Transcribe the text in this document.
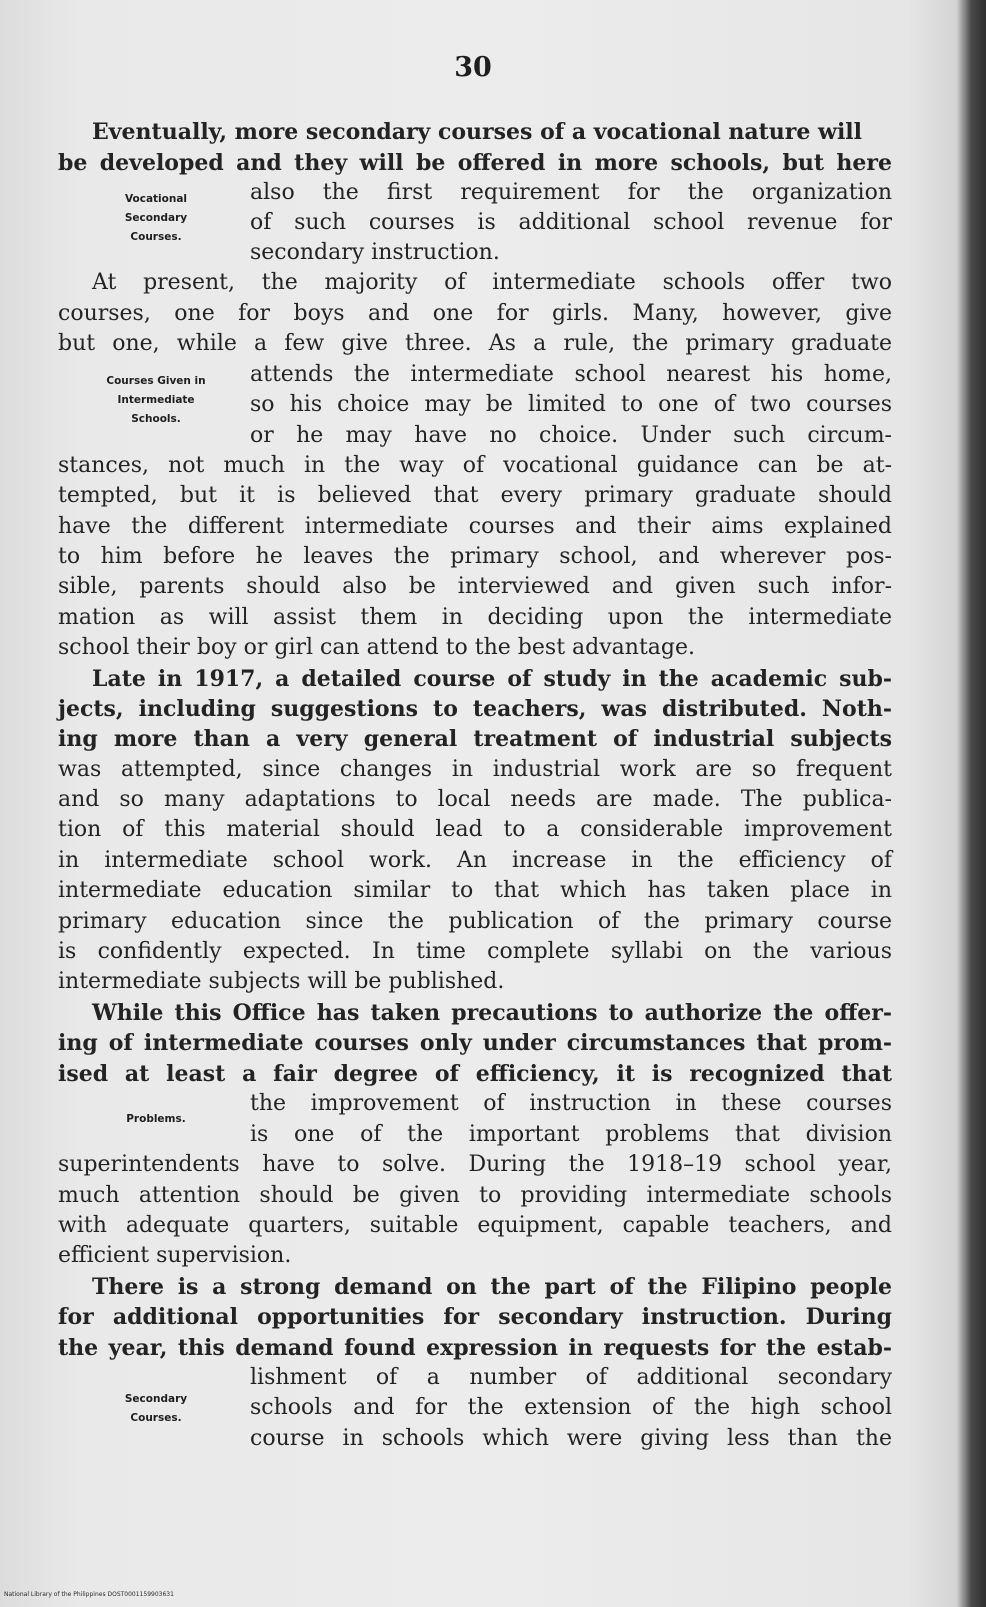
30
Eventually, more secondary courses of a vocational nature will
be developed and they will be offered in more schools, but here
also the first requirement for the organization
of such courses is additional school revenue for
secondary instruction.
At present, the majority of intermediate schools offer two
courses, one for boys and one for girls. Many, however, give
but one, while a few give three. As a rule, the primary graduate
attends the intermediate school nearest his home,
so his choice may be limited to one of two courses
or he may have no choice. Under such circum-
stances, not much in the way of vocational guidance can be at-
tempted, but it is believed that every primary graduate should
have the different intermediate courses and their aims explained
to him before he leaves the primary school, and wherever pos-
sible, parents should also be interviewed and given such infor-
mation as will assist them in deciding upon the intermediate
school their boy or girl can attend to the best advantage.
Late in 1917, a detailed course of study in the academic sub-
jects, including suggestions to teachers, was distributed. Noth-
ing more than a very general treatment of industrial subjects
was attempted, since changes in industrial work are so frequent
and so many adaptations to local needs are made. The publica-
tion of this material should lead to a considerable improvement
in intermediate school work. An increase in the efficiency of
intermediate education similar to that which has taken place in
primary education since the publication of the primary course
is confidently expected. In time complete syllabi on the various
intermediate subjects will be published.
While this Office has taken precautions to authorize the offer-
ing of intermediate courses only under circumstances that prom-
ised at least a fair degree of efficiency, it is recognized that
the improvement of instruction in these courses
is one of the important problems that division
superintendents have to solve. During the 1918–19 school year,
much attention should be given to providing intermediate schools
with adequate quarters, suitable equipment, capable teachers, and
efficient supervision.
There is a strong demand on the part of the Filipino people
for additional opportunities for secondary instruction. During
the year, this demand found expression in requests for the estab-
lishment of a number of additional secondary
schools and for the extension of the high school
course in schools which were giving less than the
Vocational
Secondary
Courses.
Courses Given in
Intermediate
Schools.
Problems.
Secondary
Courses.
National Library of the Philippines DOST0001159903631
